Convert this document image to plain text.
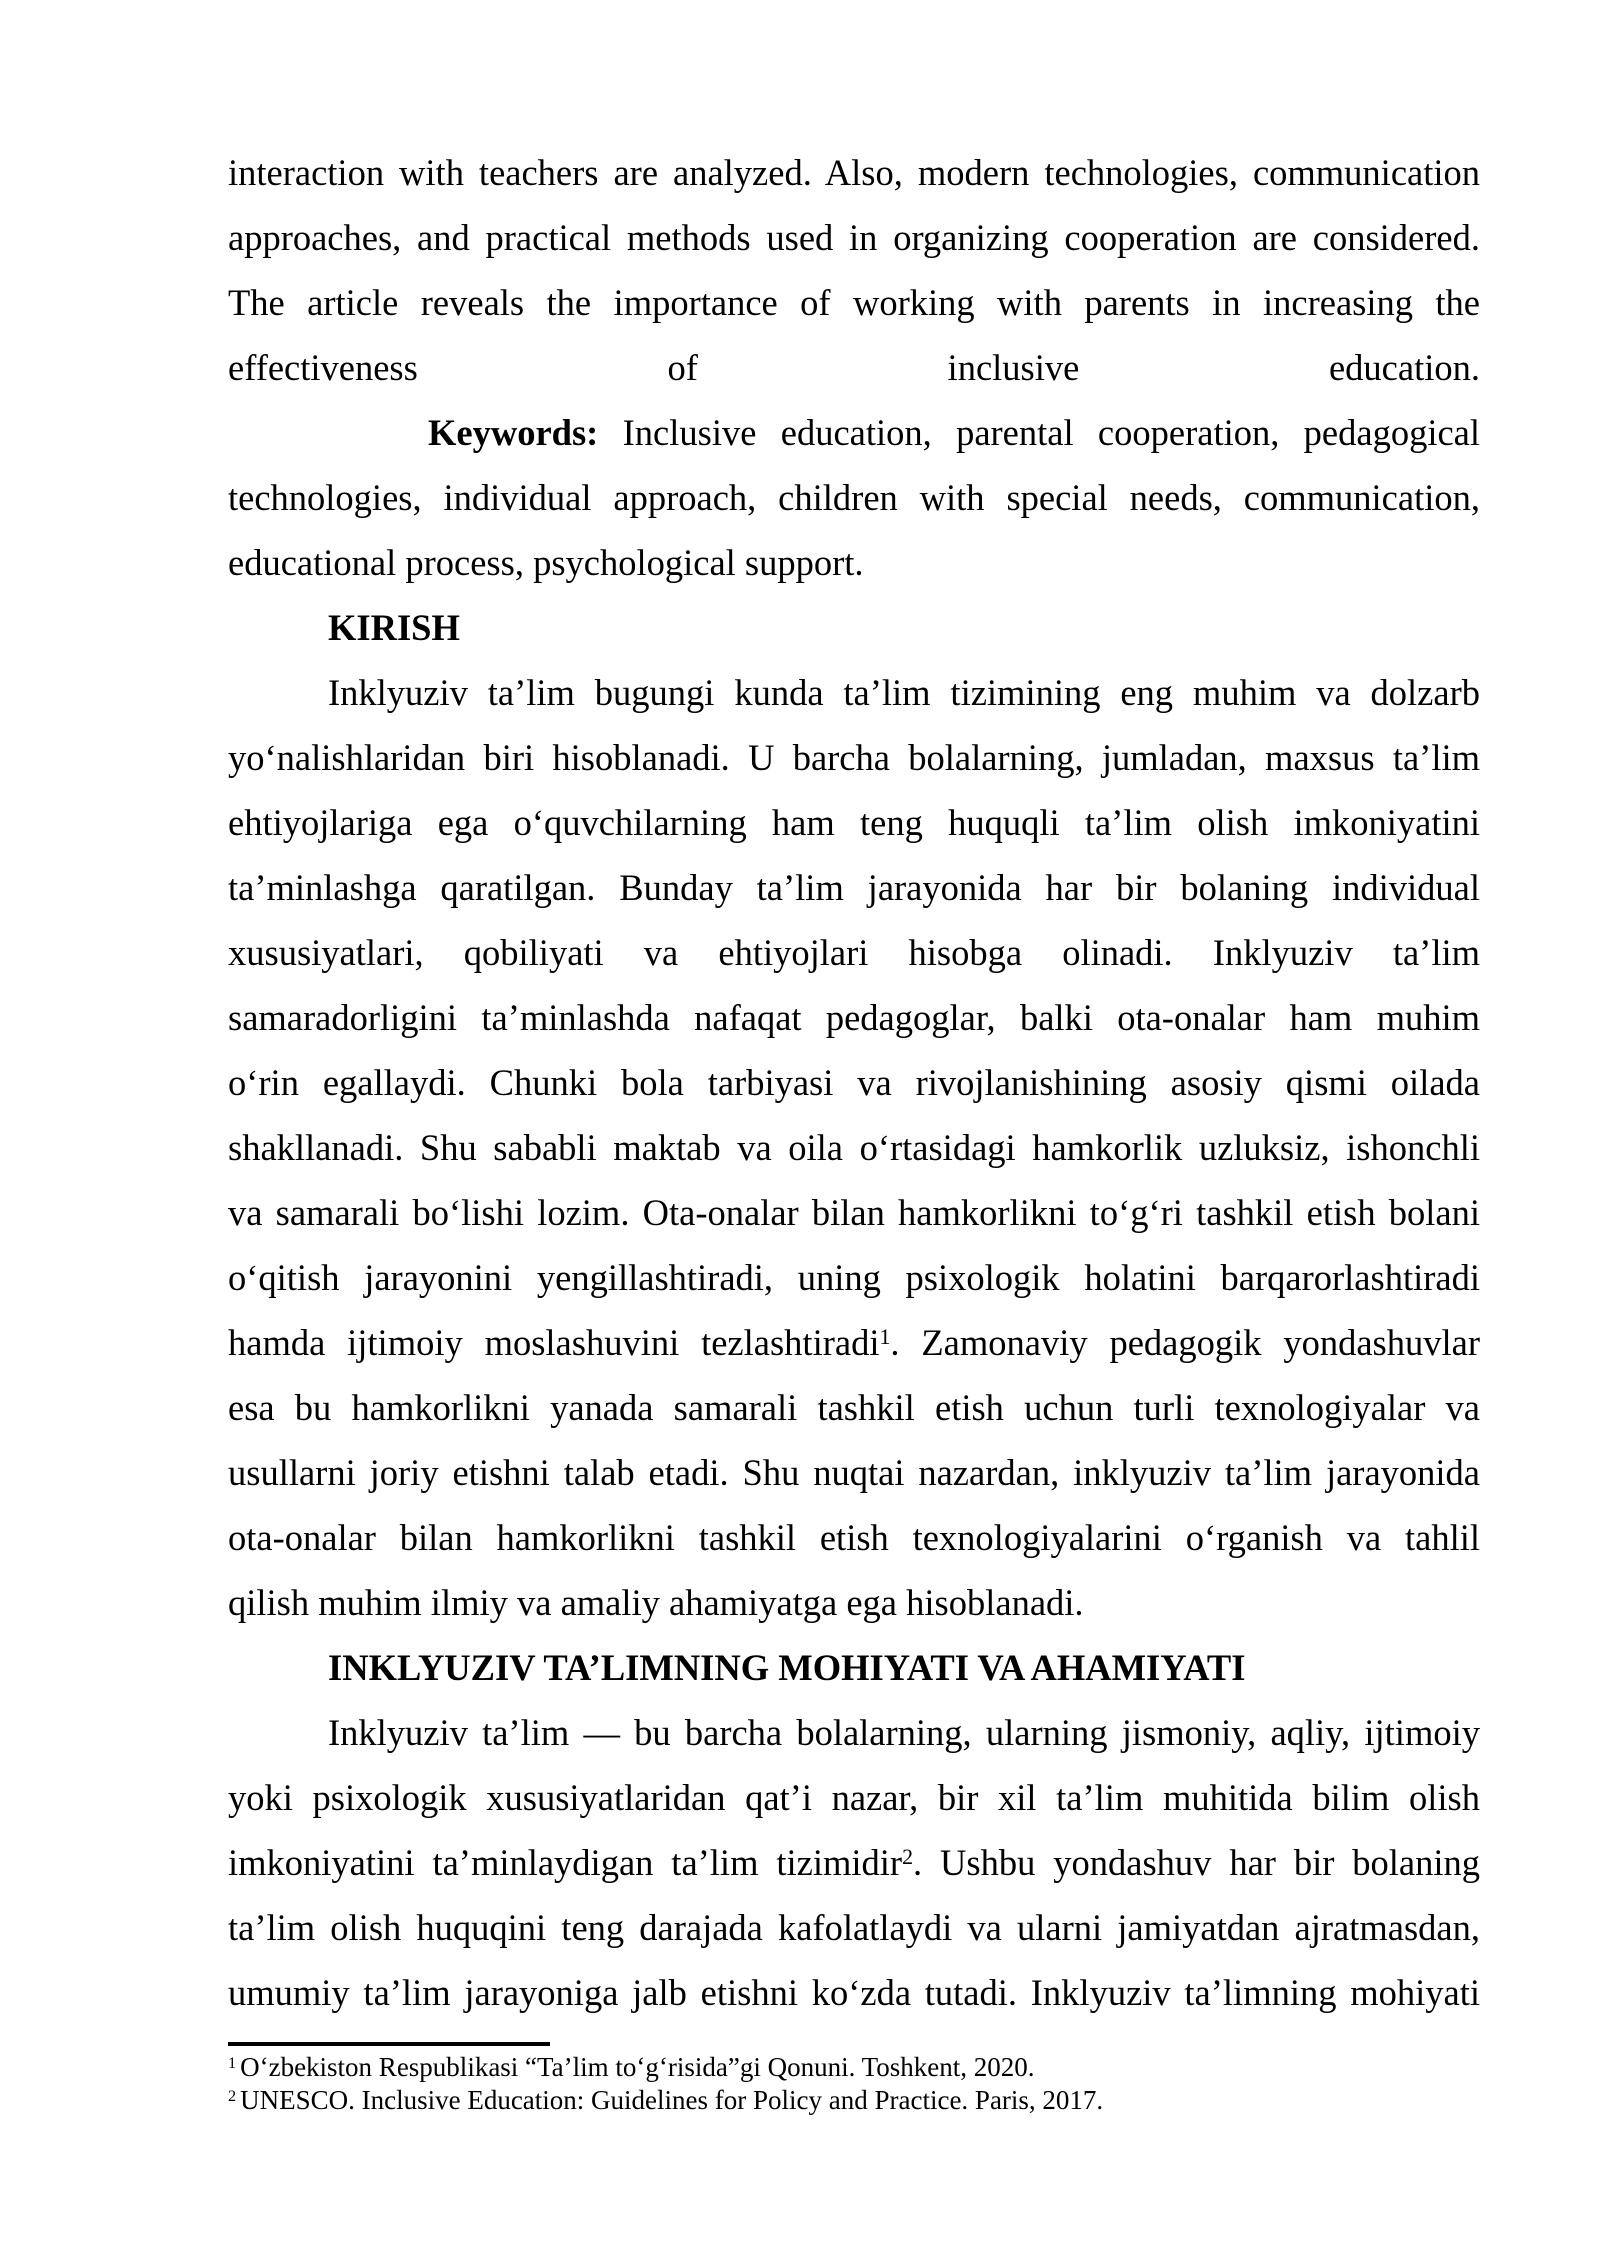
interaction with teachers are analyzed. Also, modern technologies, communication
approaches, and practical methods used in organizing cooperation are considered.
The article reveals the importance of working with parents in increasing the
effectiveness of inclusive education.
Keywords: Inclusive education, parental cooperation, pedagogical
technologies, individual approach, children with special needs, communication,
educational process, psychological support.
KIRISH
Inklyuziv ta’lim bugungi kunda ta’lim tizimining eng muhim va dolzarb
yoʻnalishlaridan biri hisoblanadi. U barcha bolalarning, jumladan, maxsus ta’lim
ehtiyojlariga ega oʻquvchilarning ham teng huquqli ta’lim olish imkoniyatini
ta’minlashga qaratilgan. Bunday ta’lim jarayonida har bir bolaning individual
xususiyatlari, qobiliyati va ehtiyojlari hisobga olinadi. Inklyuziv ta’lim
samaradorligini ta’minlashda nafaqat pedagoglar, balki ota-onalar ham muhim
oʻrin egallaydi. Chunki bola tarbiyasi va rivojlanishining asosiy qismi oilada
shakllanadi. Shu sababli maktab va oila oʻrtasidagi hamkorlik uzluksiz, ishonchli
va samarali boʻlishi lozim. Ota-onalar bilan hamkorlikni toʻgʻri tashkil etish bolani
oʻqitish jarayonini yengillashtiradi, uning psixologik holatini barqarorlashtiradi
hamda ijtimoiy moslashuvini tezlashtiradi$^1$. Zamonaviy pedagogik yondashuvlar
esa bu hamkorlikni yanada samarali tashkil etish uchun turli texnologiyalar va
usullarni joriy etishni talab etadi. Shu nuqtai nazardan, inklyuziv ta’lim jarayonida
ota-onalar bilan hamkorlikni tashkil etish texnologiyalarini oʻrganish va tahlil
qilish muhim ilmiy va amaliy ahamiyatga ega hisoblanadi.
INKLYUZIV TA’LIMNING MOHIYATI VA AHAMIYATI
Inklyuziv ta’lim — bu barcha bolalarning, ularning jismoniy, aqliy, ijtimoiy
yoki psixologik xususiyatlaridan qat’i nazar, bir xil ta’lim muhitida bilim olish
imkoniyatini ta’minlaydigan ta’lim tizimidir$^2$. Ushbu yondashuv har bir bolaning
ta’lim olish huquqini teng darajada kafolatlaydi va ularni jamiyatdan ajratmasdan,
umumiy ta’lim jarayoniga jalb etishni koʻzda tutadi. Inklyuziv ta’limning mohiyati
$^1$ Oʻzbekiston Respublikasi “Ta’lim toʻgʻrisida”gi Qonuni. Toshkent, 2020.
$^2$ UNESCO. Inclusive Education: Guidelines for Policy and Practice. Paris, 2017.
